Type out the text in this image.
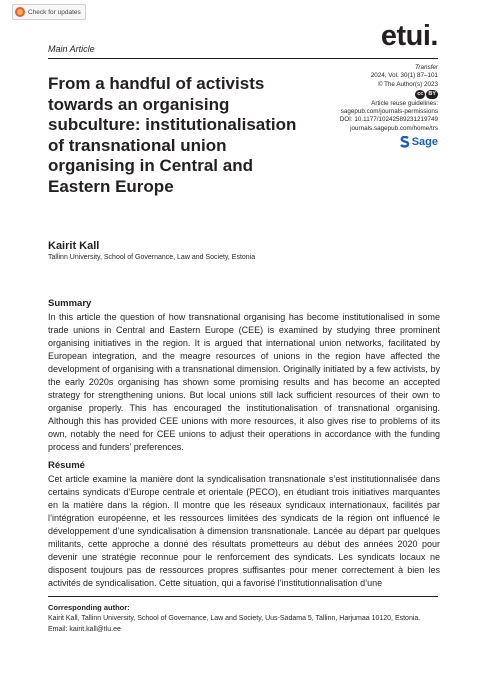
Check for updates
Main Article	etui.
From a handful of activists towards an organising subculture: institutionalisation of transnational union organising in Central and Eastern Europe
Transfer
2024, Vol. 30(1) 87–101
© The Author(s) 2023
cc BY
Article reuse guidelines:
sagepub.com/journals-permissions
DOI: 10.1177/10242589231219749
journals.sagepub.com/home/trs
Sage
Kairit Kall
Tallinn University, School of Governance, Law and Society, Estonia
Summary

In this article the question of how transnational organising has become institutionalised in some trade unions in Central and Eastern Europe (CEE) is examined by studying three prominent organising initiatives in the region. It is argued that international union networks, facilitated by European integration, and the meagre resources of unions in the region have affected the development of organising with a transnational dimension. Originally initiated by a few activists, by the early 2020s organising has shown some promising results and has become an accepted strategy for strengthening unions. But local unions still lack sufficient resources of their own to organise properly. This has encouraged the institutionalisation of transnational organising. Although this has provided CEE unions with more resources, it also gives rise to problems of its own, notably the need for CEE unions to adjust their operations in accordance with the funding process and funders’ preferences.

Résumé

Cet article examine la manière dont la syndicalisation transnationale s’est institutionnalisée dans certains syndicats d’Europe centrale et orientale (PECO), en étudiant trois initiatives marquantes en la matière dans la région. Il montre que les réseaux syndicaux internationaux, facilités par l’intégration européenne, et les ressources limitées des syndicats de la région ont influencé le développement d’une syndicalisation à dimension transnationale. Lancée au départ par quelques militants, cette approche a donné des résultats prometteurs au début des années 2020 pour devenir une stratégie reconnue pour le renforcement des syndicats. Les syndicats locaux ne disposent toujours pas de ressources propres suffisantes pour mener correctement à bien les activités de syndicalisation. Cette situation, qui a favorisé l’institutionnalisation d’une

Corresponding author:
Kairit Kall, Tallinn University, School of Governance, Law and Society, Uus-Sadama 5, Tallinn, Harjumaa 10120, Estonia.
Email: kairit.kall@tlu.ee
